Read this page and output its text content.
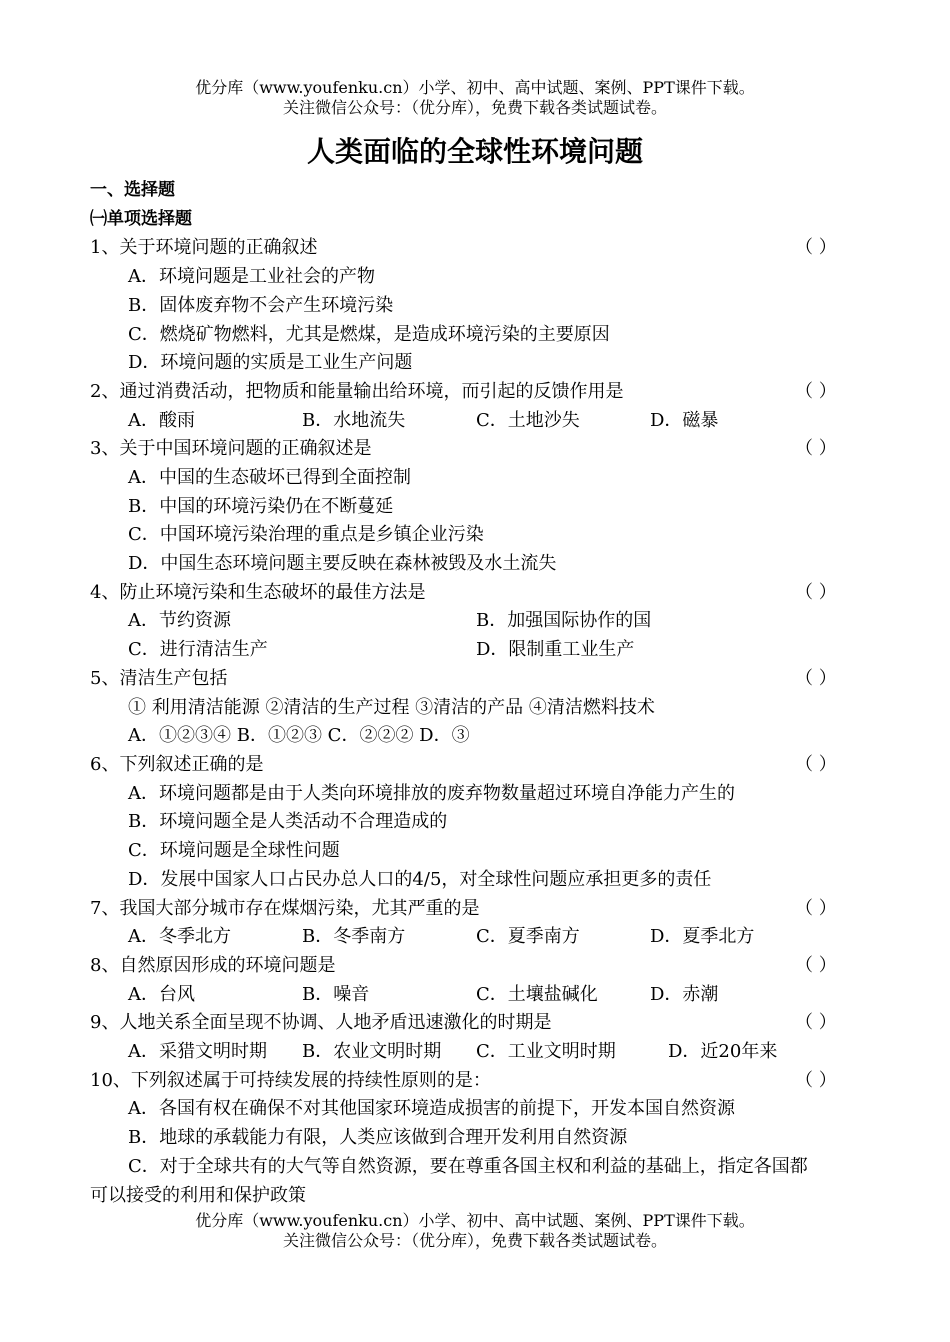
优分库（www.youfenku.cn）小学、初中、高中试题、案例、PPT课件下载。
关注微信公众号：（优分库），免费下载各类试题试卷。
人类面临的全球性环境问题
一、选择题
㈠单项选择题
1、关于环境问题的正确叙述	（ ）
A．环境问题是工业社会的产物
B．固体废弃物不会产生环境污染
C．燃烧矿物燃料，尤其是燃煤，是造成环境污染的主要原因
D．环境问题的实质是工业生产问题
2、通过消费活动，把物质和能量输出给环境，而引起的反馈作用是	（ ）
A．酸雨	B．水地流失	C．土地沙失	D．磁暴
3、关于中国环境问题的正确叙述是	（ ）
A．中国的生态破坏已得到全面控制
B．中国的环境污染仍在不断蔓延
C．中国环境污染治理的重点是乡镇企业污染
D．中国生态环境问题主要反映在森林被毁及水土流失
4、防止环境污染和生态破坏的最佳方法是	（ ）
A．节约资源	B．加强国际协作的国
C．进行清洁生产	D．限制重工业生产
5、清洁生产包括	（ ）
① 利用清洁能源 ②清洁的生产过程 ③清洁的产品 ④清洁燃料技术
A．①②③④ B．①②③ C．②②② D．③
6、下列叙述正确的是	（ ）
A．环境问题都是由于人类向环境排放的废弃物数量超过环境自净能力产生的
B．环境问题全是人类活动不合理造成的
C．环境问题是全球性问题
D．发展中国家人口占民办总人口的4/5，对全球性问题应承担更多的责任
7、我国大部分城市存在煤烟污染，尤其严重的是	（ ）
A．冬季北方	B．冬季南方	C．夏季南方	D．夏季北方
8、自然原因形成的环境问题是	（ ）
A．台风	B．噪音	C．土壤盐碱化	D．赤潮
9、人地关系全面呈现不协调、人地矛盾迅速激化的时期是	（ ）
A．采猎文明时期 B．农业文明时期 C．工业文明时期	D．近20年来
10、下列叙述属于可持续发展的持续性原则的是：	（ ）
A．各国有权在确保不对其他国家环境造成损害的前提下，开发本国自然资源
B．地球的承载能力有限，人类应该做到合理开发利用自然资源
C．对于全球共有的大气等自然资源，要在尊重各国主权和利益的基础上，指定各国都
可以接受的利用和保护政策
优分库（www.youfenku.cn）小学、初中、高中试题、案例、PPT课件下载。
关注微信公众号：（优分库），免费下载各类试题试卷。
